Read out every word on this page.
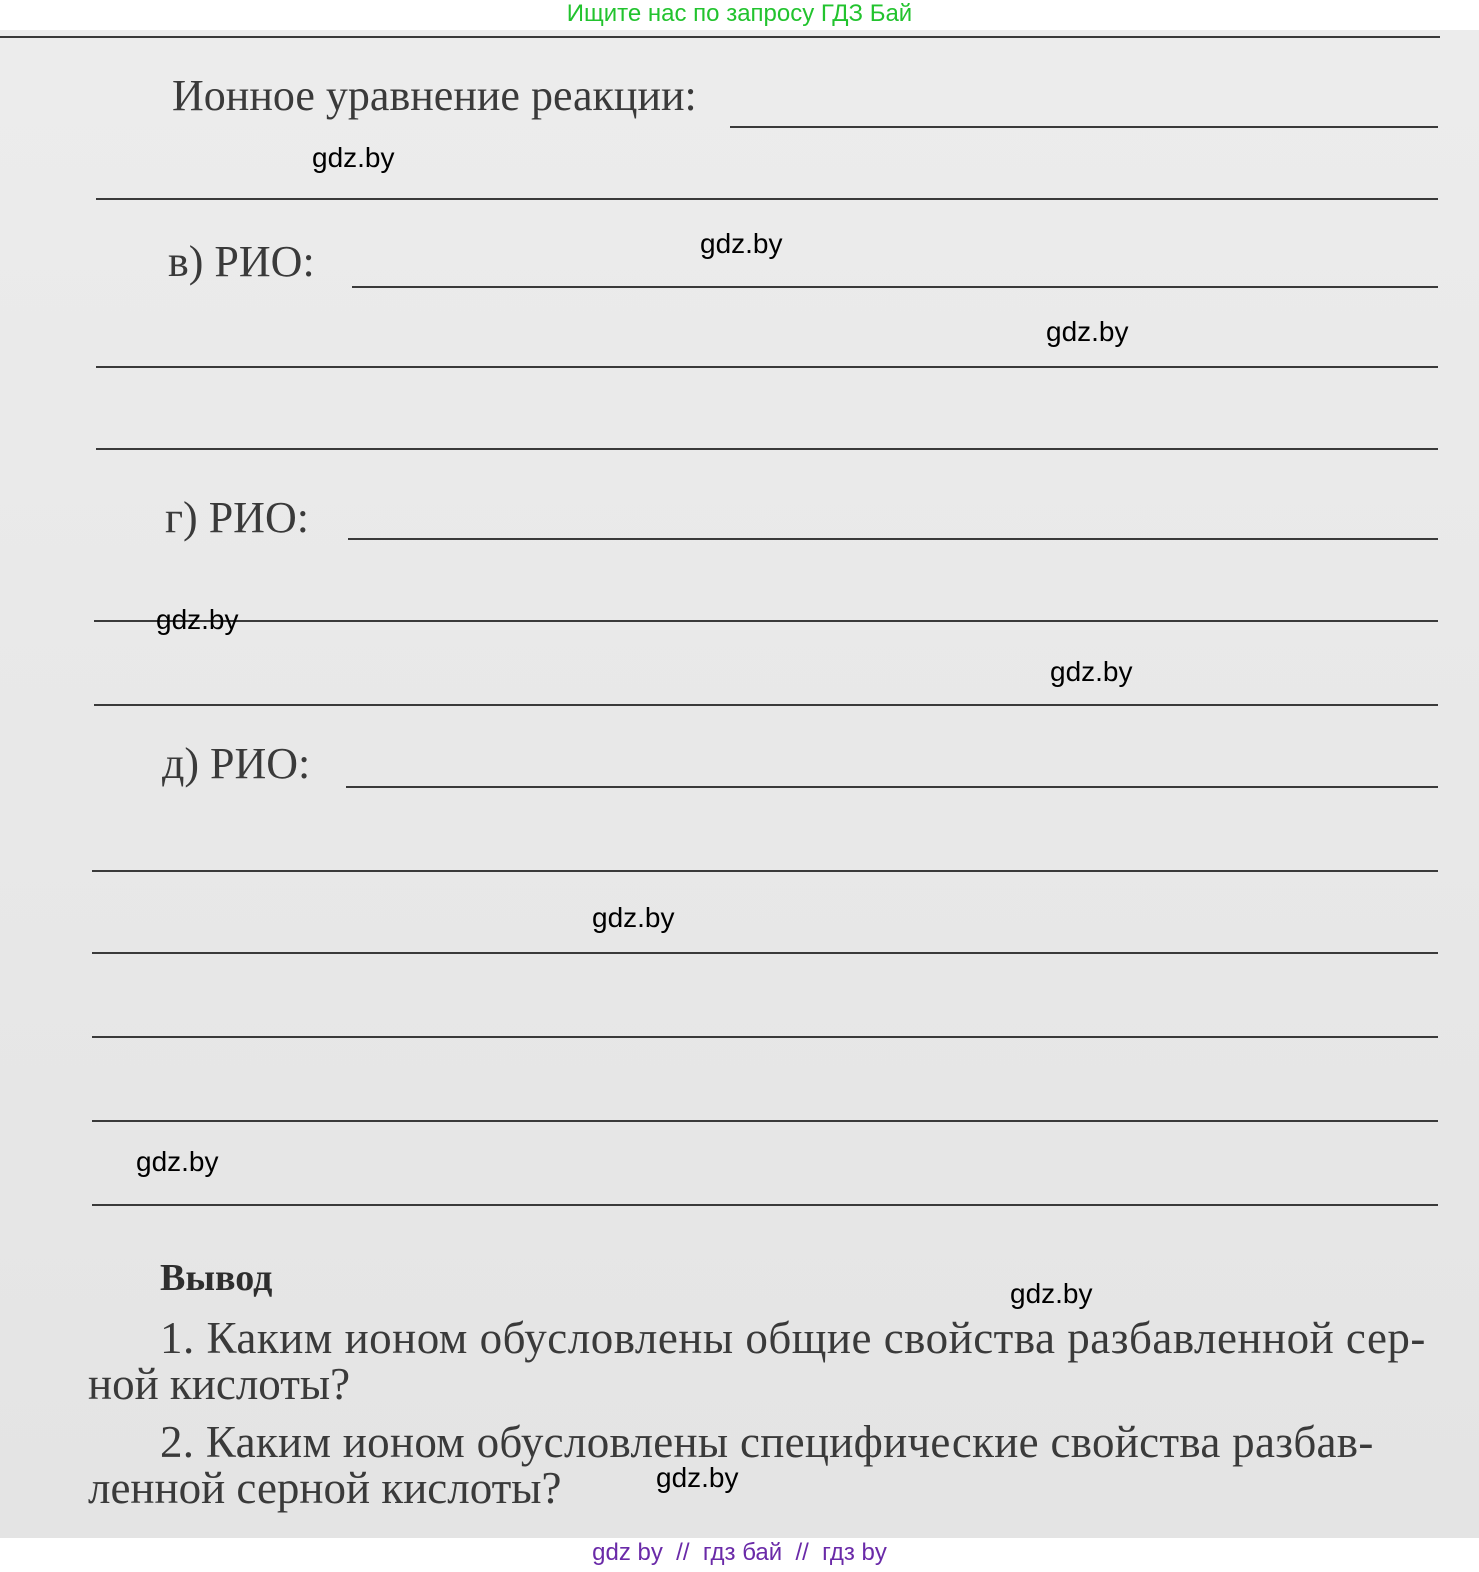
Ищите нас по запросу ГДЗ Бай
Ионное уравнение реакции:
в) РИО:
г) РИО:
д) РИО:
Вывод
1. Каким ионом обусловлены общие свойства разбавленной сер-
ной кислоты?
2. Каким ионом обусловлены специфические свойства разбав-
ленной серной кислоты?
gdz.by
gdz.by
gdz.by
gdz.by
gdz.by
gdz.by
gdz.by
gdz.by
gdz.by
gdz by  //  гдз бай  //  гдз by
